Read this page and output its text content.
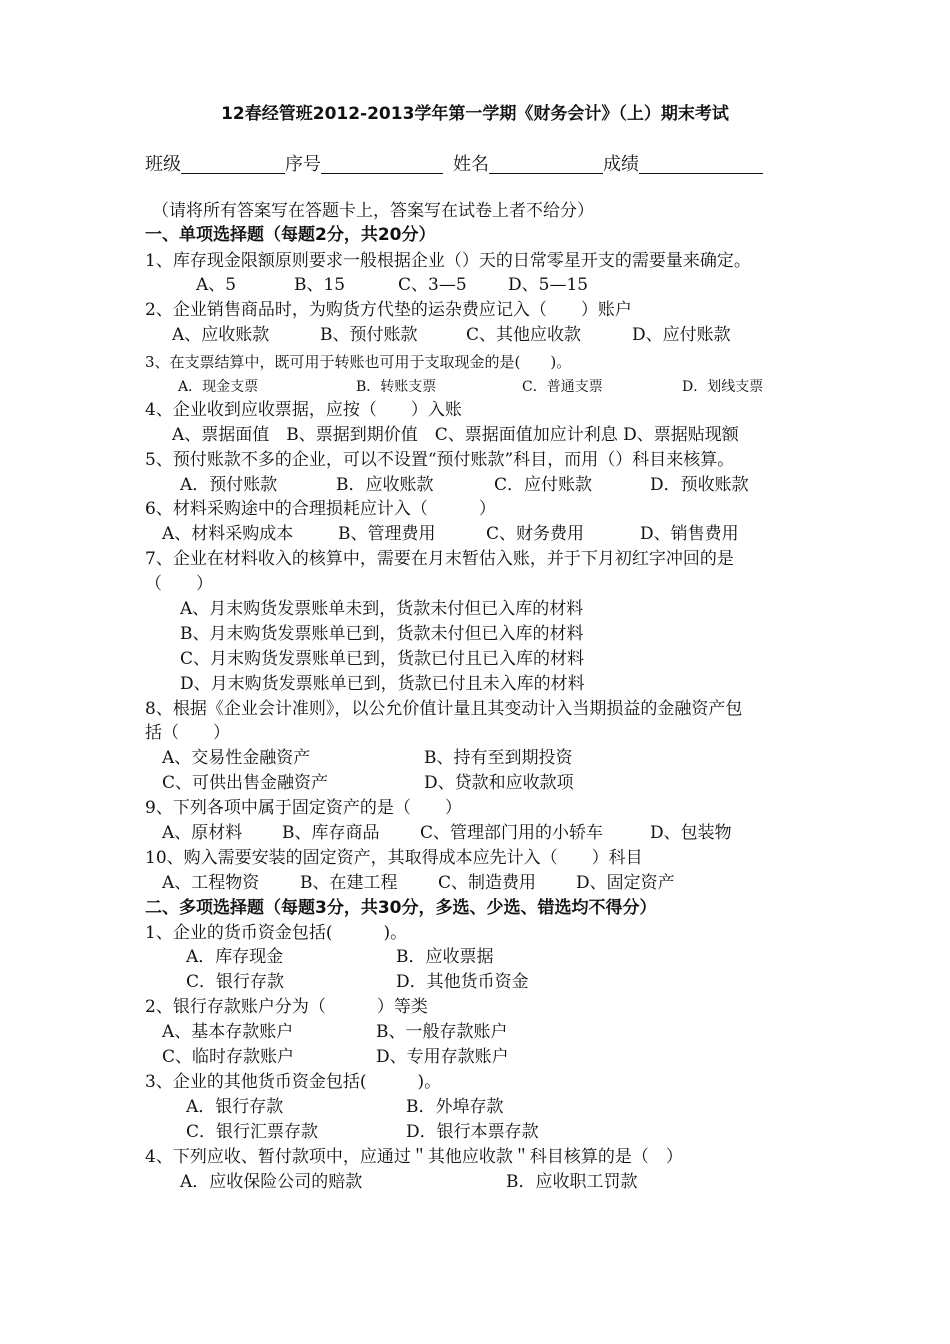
12春经管班2012-2013学年第一学期《财务会计》（上）期末考试
班级	序号	姓名	成绩
（请将所有答案写在答题卡上，答案写在试卷上者不给分）
一、单项选择题（每题2分，共20分）
1、库存现金限额原则要求一般根据企业（）天的日常零星开支的需要量来确定。
A、5	B、15	C、3—5 D、5—15
2、企业销售商品时，为购货方代垫的运杂费应记入（　　）账户
A、应收账款	B、预付账款	C、其他应收款	D、应付账款
3、在支票结算中，既可用于转账也可用于支取现金的是(　　)。
A．现金支票	B．转账支票	C．普通支票	D．划线支票
4、企业收到应收票据，应按（　　）入账
A、票据面值　B、票据到期价值　C、票据面值加应计利息 D、票据贴现额
5、预付账款不多的企业，可以不设置“预付账款”科目，而用（）科目来核算。
A．预付账款	B．应收账款	C．应付账款	D．预收账款
6、材料采购途中的合理损耗应计入（　　　）
A、材料采购成本	B、管理费用	C、财务费用	D、销售费用
7、企业在材料收入的核算中，需要在月末暂估入账，并于下月初红字冲回的是
（　　）
A、月末购货发票账单未到，货款未付但已入库的材料
B、月末购货发票账单已到，货款未付但已入库的材料
C、月末购货发票账单已到，货款已付且已入库的材料
D、月末购货发票账单已到，货款已付且未入库的材料
8、根据《企业会计准则》，以公允价值计量且其变动计入当期损益的金融资产包
括（　　）
A、交易性金融资产	B、持有至到期投资
C、可供出售金融资产	D、贷款和应收款项
9、下列各项中属于固定资产的是（　　）
A、原材料 B、库存商品 C、管理部门用的小轿车	D、包装物
10、购入需要安装的固定资产，其取得成本应先计入（　　）科目
A、工程物资 B、在建工程 C、制造费用 D、固定资产
二、多项选择题（每题3分，共30分，多选、少选、错选均不得分）
1、企业的货币资金包括(　　　)。
A．库存现金	B．应收票据
C．银行存款	D．其他货币资金
2、银行存款账户分为（　　　）等类
A、基本存款账户	B、一般存款账户
C、临时存款账户	D、专用存款账户
3、企业的其他货币资金包括(　　　)。
A．银行存款	B．外埠存款
C．银行汇票存款	D．银行本票存款
4、下列应收、暂付款项中，应通过＂其他应收款＂科目核算的是（　）
A．应收保险公司的赔款	B．应收职工罚款
